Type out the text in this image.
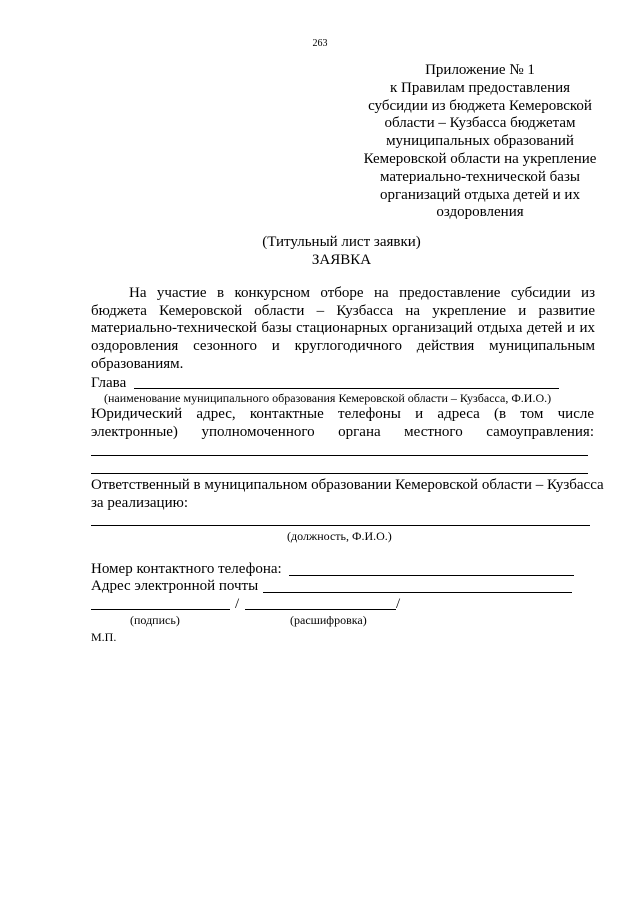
263
Приложение № 1
к Правилам предоставления
субсидии из бюджета Кемеровской
области – Кузбасса бюджетам
муниципальных образований
Кемеровской области на укрепление
материально-технической базы
организаций отдыха детей и их
оздоровления
(Титульный лист заявки)
ЗАЯВКА
На участие в конкурсном отборе на предоставление субсидии из
бюджета Кемеровской области – Кузбасса на укрепление и развитие
материально-технической базы стационарных организаций отдыха детей и их
оздоровления сезонного и круглогодичного действия муниципальным
образованиям.
Глава
(наименование муниципального образования Кемеровской области – Кузбасса, Ф.И.О.)
Юридический адрес, контактные телефоны и адреса (в том числе
электронные) уполномоченного органа местного самоуправления:
Ответственный в муниципальном образовании Кемеровской области – Кузбасса
за реализацию:
(должность, Ф.И.О.)
Номер контактного телефона:
Адрес электронной почты
/	/
(подпись)	(расшифровка)
М.П.
